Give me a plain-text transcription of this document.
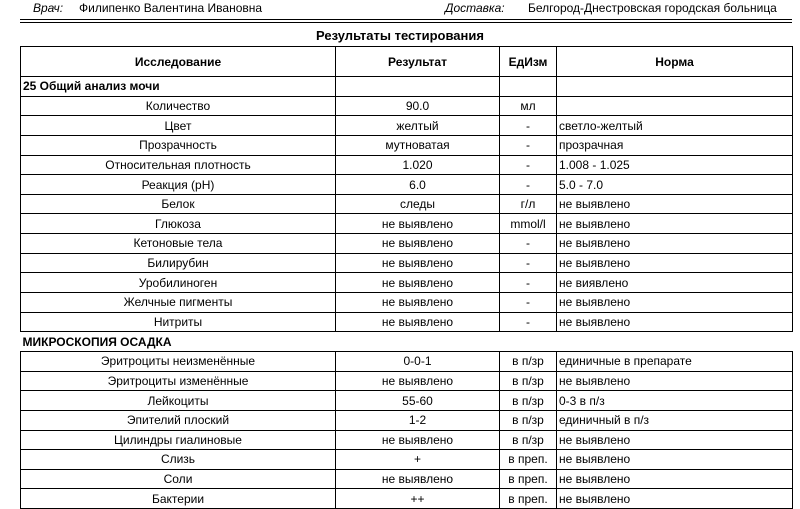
Врач: Филипенко Валентина Ивановна	Доставка: Белгород-Днестровская городская больница
Результаты тестирования
Исследование	Результат	ЕдИзм	Норма
25 Общий анализ мочи			
Количество	90.0	мл	
Цвет	желтый	-	светло-желтый
Прозрачность	мутноватая	-	прозрачная
Относительная плотность	1.020	-	1.008 - 1.025
Реакция (pH)	6.0	-	5.0 - 7.0
Белок	следы	г/л	не выявлено
Глюкоза	не выявлено	mmol/l	не выявлено
Кетоновые тела	не выявлено	-	не выявлено
Билирубин	не выявлено	-	не выявлено
Уробилиноген	не выявлено	-	не виявлено
Желчные пигменты	не выявлено	-	не выявлено
Нитриты	не выявлено	-	не выявлено
МИКРОСКОПИЯ ОСАДКА			
Эритроциты неизменённые	0-0-1	в п/зр	единичные в препарате
Эритроциты изменённые	не выявлено	в п/зр	не выявлено
Лейкоциты	55-60	в п/зр	0-3 в п/з
Эпителий плоский	1-2	в п/зр	единичный в п/з
Цилиндры гиалиновые	не выявлено	в п/зр	не выявлено
Слизь	+	в преп.	не выявлено
Соли	не выявлено	в преп.	не выявлено
Бактерии	++	в преп.	не выявлено
